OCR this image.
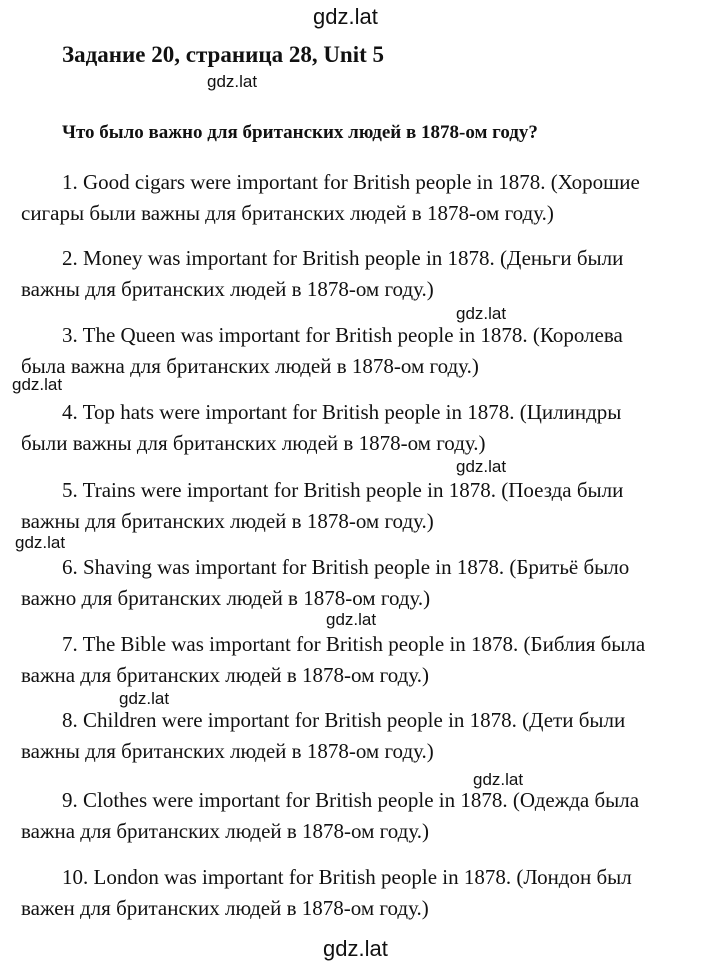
gdz.lat
Задание 20, страница 28, Unit 5
gdz.lat
Что было важно для британских людей в 1878-ом году?
1. Good cigars were important for British people in 1878. (Хорошие
сигары были важны для британских людей в 1878-ом году.)
2. Money was important for British people in 1878. (Деньги были
важны для британских людей в 1878-ом году.)
3. The Queen was important for British people in 1878. (Королева
была важна для британских людей в 1878-ом году.)
4. Top hats were important for British people in 1878. (Цилиндры
были важны для британских людей в 1878-ом году.)
5. Trains were important for British people in 1878. (Поезда были
важны для британских людей в 1878-ом году.)
6. Shaving was important for British people in 1878. (Бритьё было
важно для британских людей в 1878-ом году.)
7. The Bible was important for British people in 1878. (Библия была
важна для британских людей в 1878-ом году.)
8. Children were important for British people in 1878. (Дети были
важны для британских людей в 1878-ом году.)
9. Clothes were important for British people in 1878. (Одежда была
важна для британских людей в 1878-ом году.)
10. London was important for British people in 1878. (Лондон был
важен для британских людей в 1878-ом году.)
gdz.lat
gdz.lat
gdz.lat
gdz.lat
gdz.lat
gdz.lat
gdz.lat
gdz.lat
